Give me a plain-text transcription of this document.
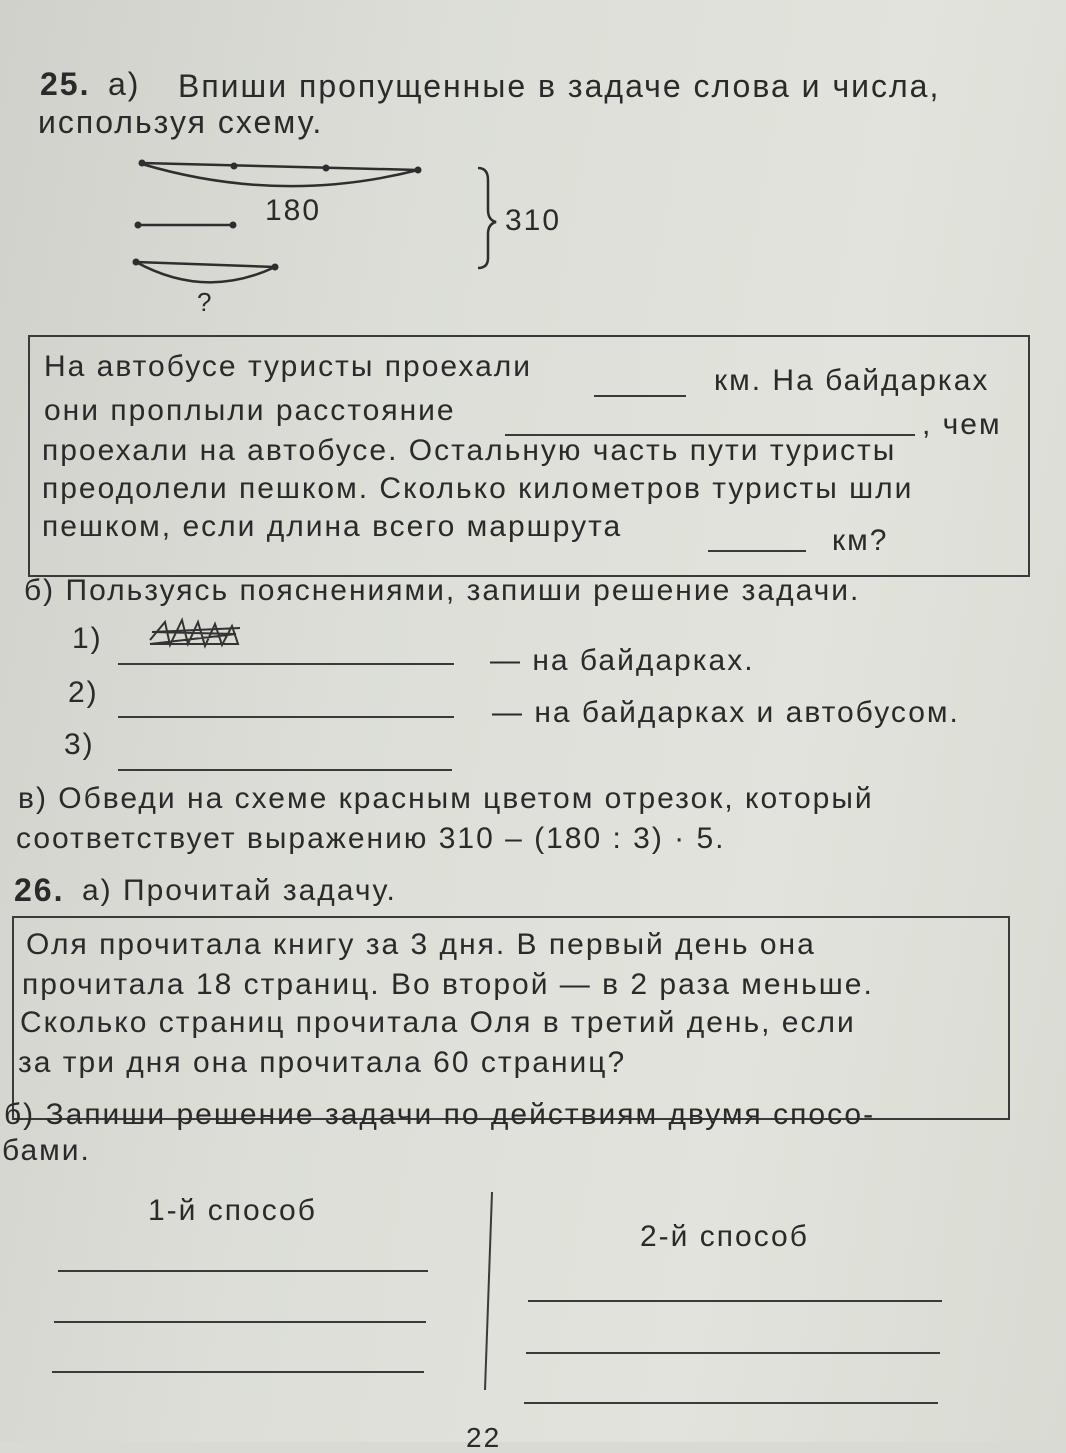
25. а) Впиши пропущенные в задаче слова и числа,
используя схему.
180	310
?
На автобусе туристы проехали	км. На байдарках
они проплыли расстояние	, чем
проехали на автобусе. Остальную часть пути туристы
преодолели пешком. Сколько километров туристы шли
пешком, если длина всего маршрута	км?
б) Пользуясь пояснениями, запиши решение задачи.
1)
— на байдарках.
2)
— на байдарках и автобусом.
3)
в) Обведи на схеме красным цветом отрезок, который
соответствует выражению 310 – (180 : 3) · 5.
26. а) Прочитай задачу.
Оля прочитала книгу за 3 дня. В первый день она
прочитала 18 страниц. Во второй — в 2 раза меньше.
Сколько страниц прочитала Оля в третий день, если
за три дня она прочитала 60 страниц?
б) Запиши решение задачи по действиям двумя спосо-
бами.
1-й способ
2-й способ
22
